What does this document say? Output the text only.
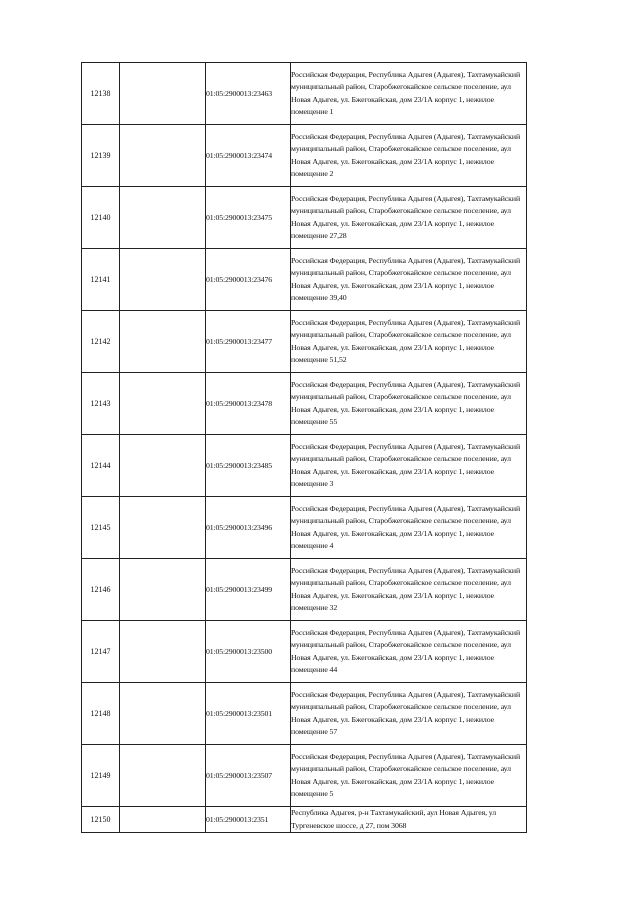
12138		01:05:2900013:23463	Российская Федерация, Республика Адыгея (Адыгея), Тахтамукайский муниципальный район, Старобжегокайское сельское поселение, аул Новая Адыгея, ул. Бжегокайская, дом 23/1А корпус 1, нежилое помещение 1
12139		01:05:2900013:23474	Российская Федерация, Республика Адыгея (Адыгея), Тахтамукайский муниципальный район, Старобжегокайское сельское поселение, аул Новая Адыгея, ул. Бжегокайская, дом 23/1А корпус 1, нежилое помещение 2
12140		01:05:2900013:23475	Российская Федерация, Республика Адыгея (Адыгея), Тахтамукайский муниципальный район, Старобжегокайское сельское поселение, аул Новая Адыгея, ул. Бжегокайская, дом 23/1А корпус 1, нежилое помещение 27,28
12141		01:05:2900013:23476	Российская Федерация, Республика Адыгея (Адыгея), Тахтамукайский муниципальный район, Старобжегокайское сельское поселение, аул Новая Адыгея, ул. Бжегокайская, дом 23/1А корпус 1, нежилое помещение 39,40
12142		01:05:2900013:23477	Российская Федерация, Республика Адыгея (Адыгея), Тахтамукайский муниципальный район, Старобжегокайское сельское поселение, аул Новая Адыгея, ул. Бжегокайская, дом 23/1А корпус 1, нежилое помещение 51,52
12143		01:05:2900013:23478	Российская Федерация, Республика Адыгея (Адыгея), Тахтамукайский муниципальный район, Старобжегокайское сельское поселение, аул Новая Адыгея, ул. Бжегокайская, дом 23/1А корпус 1, нежилое помещение 55
12144		01:05:2900013:23485	Российская Федерация, Республика Адыгея (Адыгея), Тахтамукайский муниципальный район, Старобжегокайское сельское поселение, аул Новая Адыгея, ул. Бжегокайская, дом 23/1А корпус 1, нежилое помещение 3
12145		01:05:2900013:23496	Российская Федерация, Республика Адыгея (Адыгея), Тахтамукайский муниципальный район, Старобжегокайское сельское поселение, аул Новая Адыгея, ул. Бжегокайская, дом 23/1А корпус 1, нежилое помещение 4
12146		01:05:2900013:23499	Российская Федерация, Республика Адыгея (Адыгея), Тахтамукайский муниципальный район, Старобжегокайское сельское поселение, аул Новая Адыгея, ул. Бжегокайская, дом 23/1А корпус 1, нежилое помещение 32
12147		01:05:2900013:23500	Российская Федерация, Республика Адыгея (Адыгея), Тахтамукайский муниципальный район, Старобжегокайское сельское поселение, аул Новая Адыгея, ул. Бжегокайская, дом 23/1А корпус 1, нежилое помещение 44
12148		01:05:2900013:23501	Российская Федерация, Республика Адыгея (Адыгея), Тахтамукайский муниципальный район, Старобжегокайское сельское поселение, аул Новая Адыгея, ул. Бжегокайская, дом 23/1А корпус 1, нежилое помещение 57
12149		01:05:2900013:23507	Российская Федерация, Республика Адыгея (Адыгея), Тахтамукайский муниципальный район, Старобжегокайское сельское поселение, аул Новая Адыгея, ул. Бжегокайская, дом 23/1А корпус 1, нежилое помещение 5
12150		01:05:2900013:2351	Республика Адыгея, р-н Тахтамукайский, аул Новая Адыгея, ул Тургеневское шоссе, д 27, пом 3068
